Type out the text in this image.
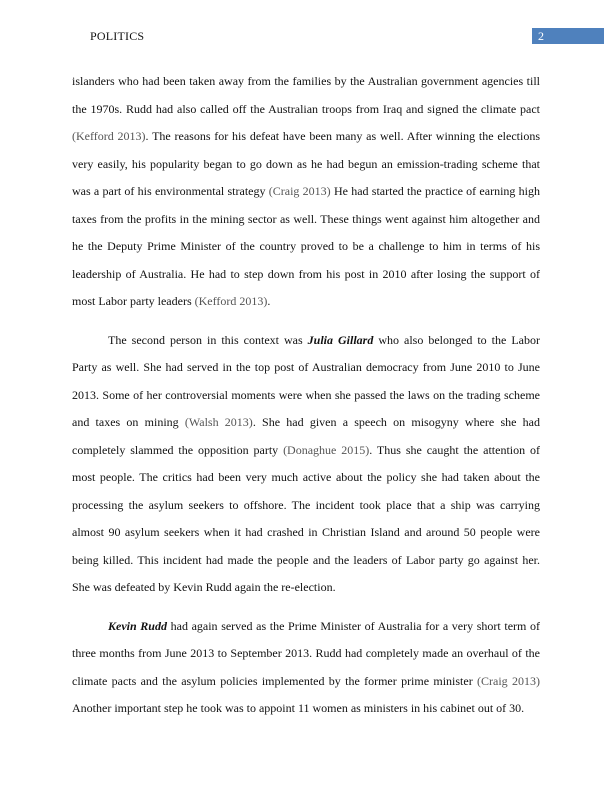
POLITICS	2

islanders who had been taken away from the families by the Australian government agencies till the 1970s. Rudd had also called off the Australian troops from Iraq and signed the climate pact (Kefford 2013). The reasons for his defeat have been many as well. After winning the elections very easily, his popularity began to go down as he had begun an emission-trading scheme that was a part of his environmental strategy (Craig 2013) He had started the practice of earning high taxes from the profits in the mining sector as well. These things went against him altogether and he the Deputy Prime Minister of the country proved to be a challenge to him in terms of his leadership of Australia. He had to step down from his post in 2010 after losing the support of most Labor party leaders (Kefford 2013).

The second person in this context was Julia Gillard who also belonged to the Labor Party as well. She had served in the top post of Australian democracy from June 2010 to June 2013. Some of her controversial moments were when she passed the laws on the trading scheme and taxes on mining (Walsh 2013). She had given a speech on misogyny where she had completely slammed the opposition party (Donaghue 2015). Thus she caught the attention of most people. The critics had been very much active about the policy she had taken about the processing the asylum seekers to offshore. The incident took place that a ship was carrying almost 90 asylum seekers when it had crashed in Christian Island and around 50 people were being killed. This incident had made the people and the leaders of Labor party go against her. She was defeated by Kevin Rudd again the re-election.

Kevin Rudd had again served as the Prime Minister of Australia for a very short term of three months from June 2013 to September 2013. Rudd had completely made an overhaul of the climate pacts and the asylum policies implemented by the former prime minister (Craig 2013) Another important step he took was to appoint 11 women as ministers in his cabinet out of 30.
